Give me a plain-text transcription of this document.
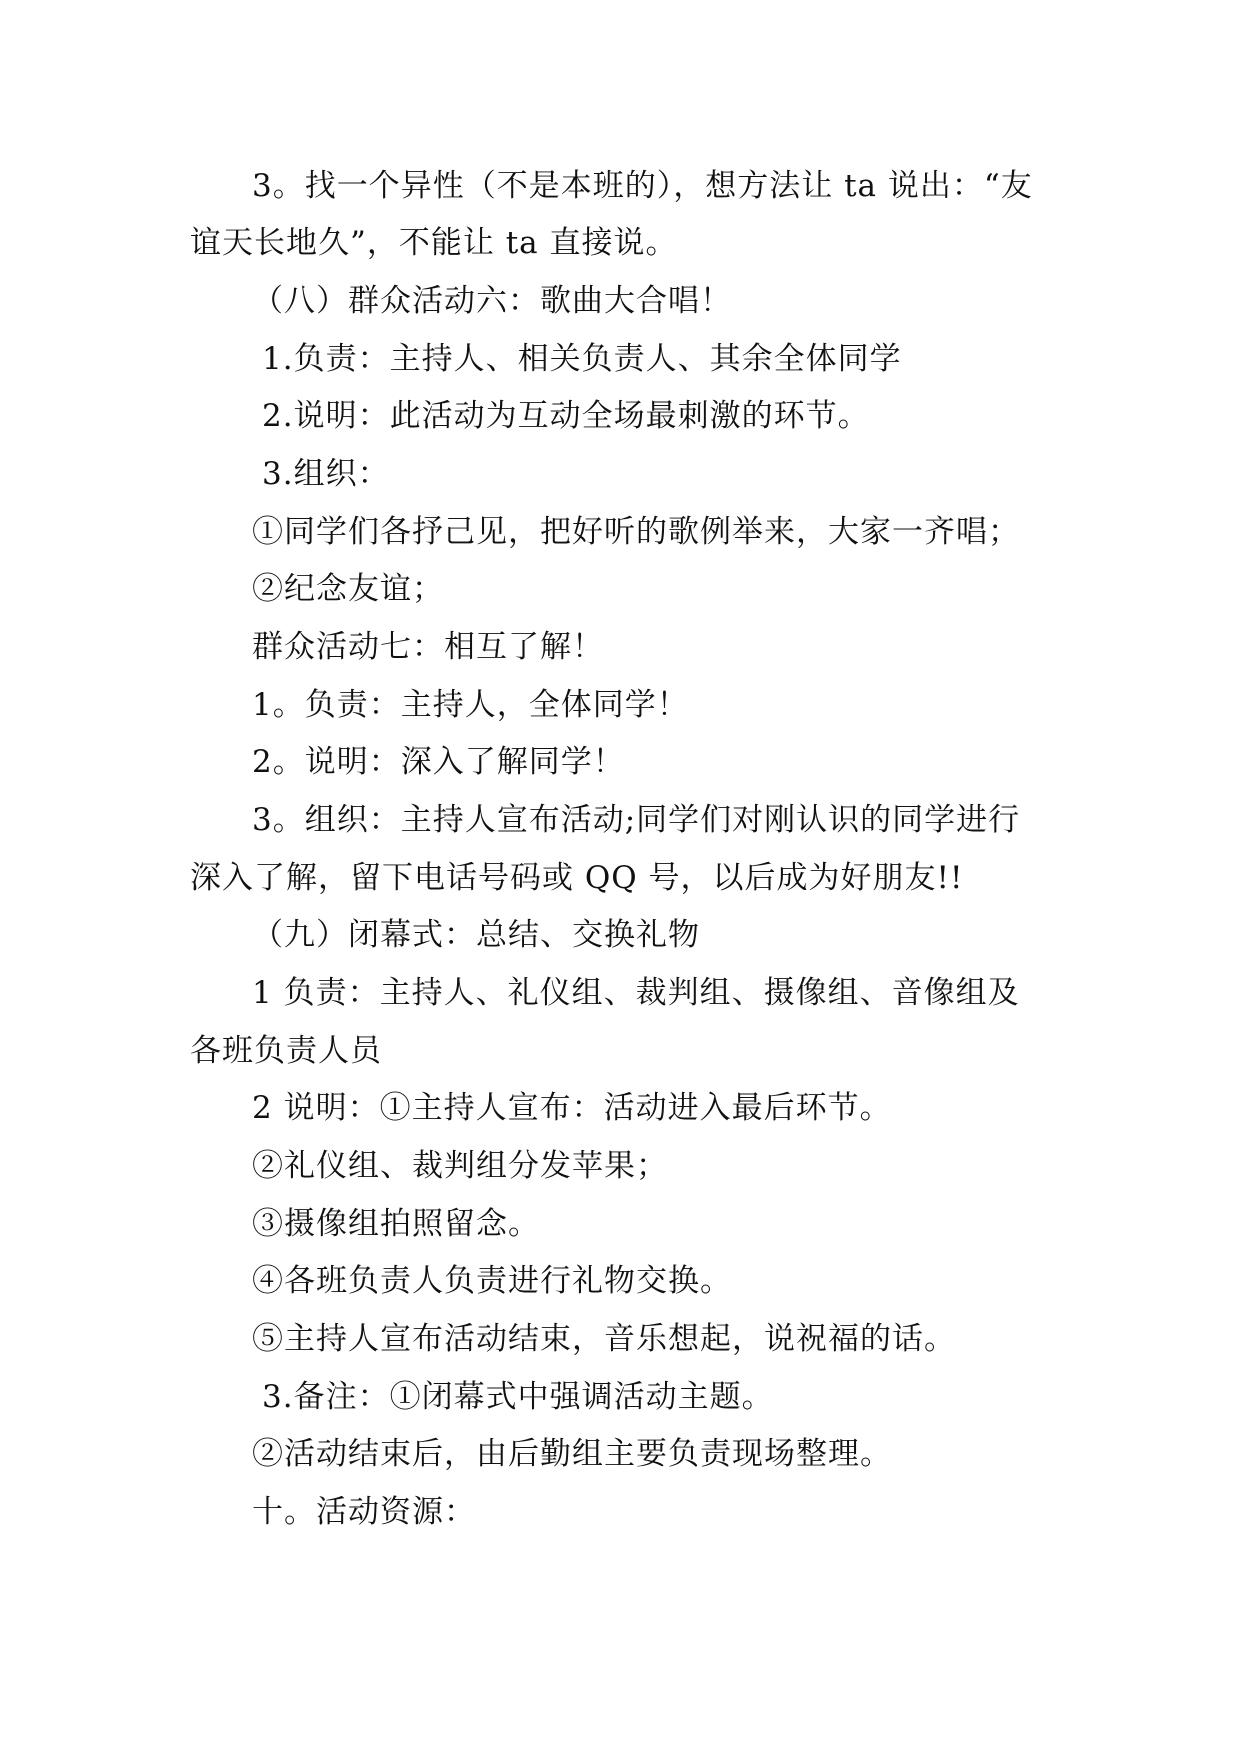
3。找一个异性（不是本班的），想方法让 ta 说出：“友
谊天长地久”，不能让 ta 直接说。
（八）群众活动六：歌曲大合唱！
1.负责：主持人、相关负责人、其余全体同学
2.说明：此活动为互动全场最刺激的环节。
3.组织：
①同学们各抒己见，把好听的歌例举来，大家一齐唱；
②纪念友谊；
群众活动七：相互了解！
1。负责：主持人，全体同学！
2。说明：深入了解同学！
3。组织：主持人宣布活动;同学们对刚认识的同学进行
深入了解，留下电话号码或 QQ 号，以后成为好朋友!!
（九）闭幕式：总结、交换礼物
1 负责：主持人、礼仪组、裁判组、摄像组、音像组及
各班负责人员
2 说明：①主持人宣布：活动进入最后环节。
②礼仪组、裁判组分发苹果；
③摄像组拍照留念。
④各班负责人负责进行礼物交换。
⑤主持人宣布活动结束，音乐想起，说祝福的话。
3.备注：①闭幕式中强调活动主题。
②活动结束后，由后勤组主要负责现场整理。
十。活动资源：
